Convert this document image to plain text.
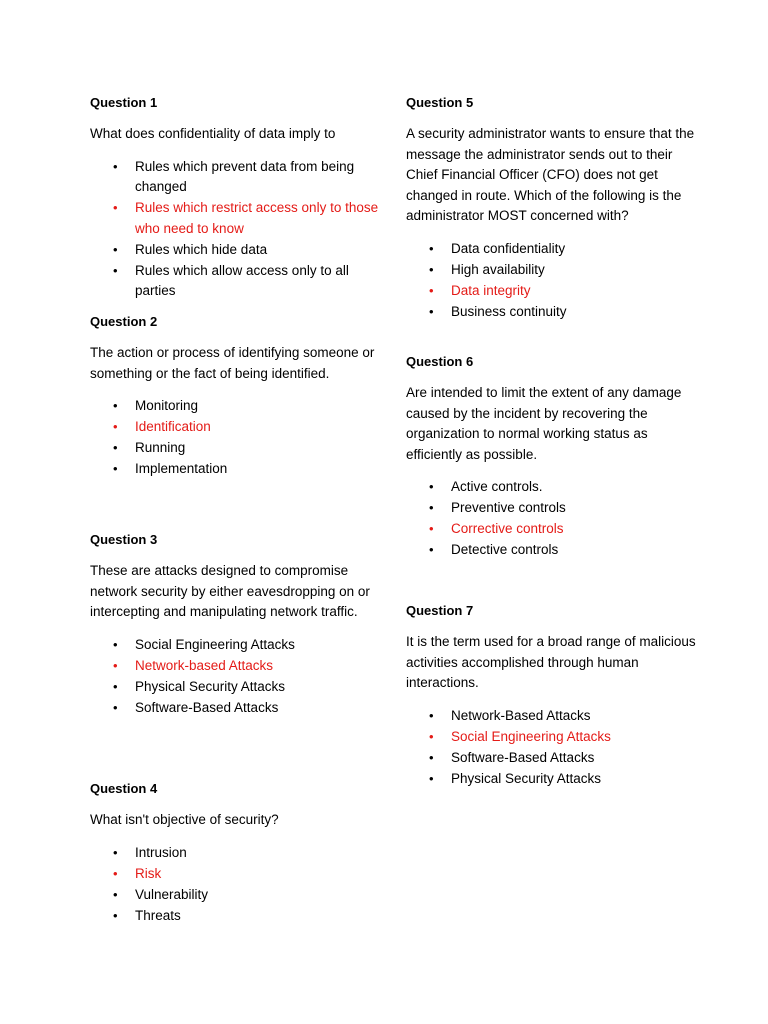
Question 1
What does confidentiality of data imply to
• Rules which prevent data from being changed
• Rules which restrict access only to those who need to know
• Rules which hide data
• Rules which allow access only to all parties
Question 2
The action or process of identifying someone or something or the fact of being identified.
• Monitoring
• Identification
• Running
• Implementation
Question 3
These are attacks designed to compromise network security by either eavesdropping on or intercepting and manipulating network traffic.
• Social Engineering Attacks
• Network-based Attacks
• Physical Security Attacks
• Software-Based Attacks
Question 4
What isn't objective of security?
• Intrusion
• Risk
• Vulnerability
• Threats
Question 5
A security administrator wants to ensure that the message the administrator sends out to their Chief Financial Officer (CFO) does not get changed in route. Which of the following is the administrator MOST concerned with?
• Data confidentiality
• High availability
• Data integrity
• Business continuity
Question 6
Are intended to limit the extent of any damage caused by the incident by recovering the organization to normal working status as efficiently as possible.
• Active controls.
• Preventive controls
• Corrective controls
• Detective controls
Question 7
It is the term used for a broad range of malicious activities accomplished through human interactions.
• Network-Based Attacks
• Social Engineering Attacks
• Software-Based Attacks
• Physical Security Attacks
